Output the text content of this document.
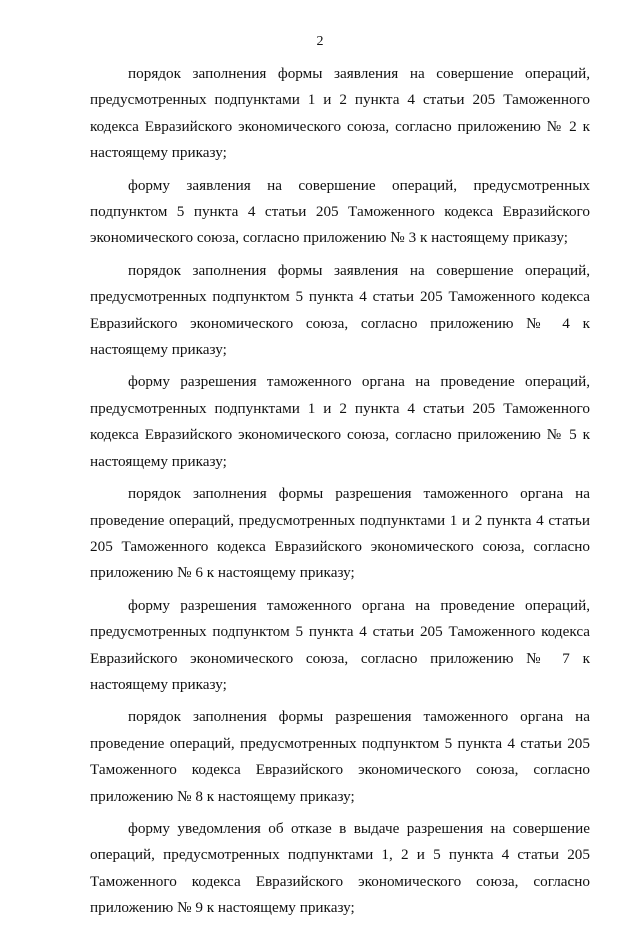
2

порядок заполнения формы заявления на совершение операций, предусмотренных подпунктами 1 и 2 пункта 4 статьи 205 Таможенного кодекса Евразийского экономического союза, согласно приложению № 2 к настоящему приказу;

форму заявления на совершение операций, предусмотренных подпунктом 5 пункта 4 статьи 205 Таможенного кодекса Евразийского экономического союза, согласно приложению № 3 к настоящему приказу;

порядок заполнения формы заявления на совершение операций, предусмотренных подпунктом 5 пункта 4 статьи 205 Таможенного кодекса Евразийского экономического союза, согласно приложению № 4 к настоящему приказу;

форму разрешения таможенного органа на проведение операций, предусмотренных подпунктами 1 и 2 пункта 4 статьи 205 Таможенного кодекса Евразийского экономического союза, согласно приложению № 5 к настоящему приказу;

порядок заполнения формы разрешения таможенного органа на проведение операций, предусмотренных подпунктами 1 и 2 пункта 4 статьи 205 Таможенного кодекса Евразийского экономического союза, согласно приложению № 6 к настоящему приказу;

форму разрешения таможенного органа на проведение операций, предусмотренных подпунктом 5 пункта 4 статьи 205 Таможенного кодекса Евразийского экономического союза, согласно приложению № 7 к настоящему приказу;

порядок заполнения формы разрешения таможенного органа на проведение операций, предусмотренных подпунктом 5 пункта 4 статьи 205 Таможенного кодекса Евразийского экономического союза, согласно приложению № 8 к настоящему приказу;

форму уведомления об отказе в выдаче разрешения на совершение операций, предусмотренных подпунктами 1, 2 и 5 пункта 4 статьи 205 Таможенного кодекса Евразийского экономического союза, согласно приложению № 9 к настоящему приказу;
